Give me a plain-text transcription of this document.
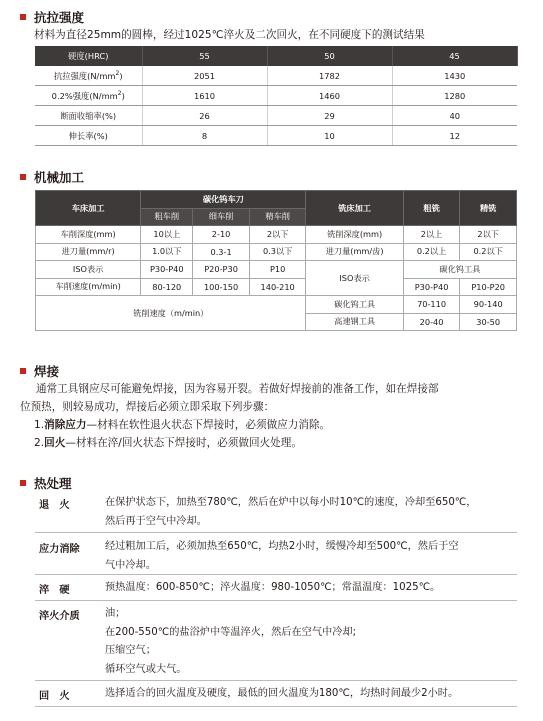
抗拉强度
材料为直径25mm的圆棒，经过1025℃淬火及二次回火，在不同硬度下的测试结果
硬度(HRC)	55	50	45
抗拉强度$(N/mm^2)$	2051	1782	1430
0.2%强度$(N/mm^2)$	1610	1460	1280
断面收缩率(%)	26	29	40
伸长率(%)	8	10	12
机械加工
车床加工	碳化钨车刀			铣床加工	粗铣	精铣
	粗车削	细车削	精车削			
车削深度(mm)	10以上	2-10	2以下	铣削深度(mm)	2以上	2以下
进刀量(mm/r)	1.0以下	0.3-1	0.3以下	进刀量(mm/齿)	0.2以上	0.2以下
ISO表示	P30-P40	P20-P30	P10	ISO表示	碳化钨工具	
车削速度(m/min)	80-120	100-150	140-210		P30-P40	P10-P20
铣削速度（m/min）				碳化钨工具	70-110	90-140
				高速钢工具	20-40	30-50
焊接
通常工具钢应尽可能避免焊接，因为容易开裂。若做好焊接前的准备工作，如在焊接部
位预热，则较易成功，焊接后必须立即采取下列步骤：
1.消除应力—材料在软性退火状态下焊接时，必须做应力消除。
2.回火—材料在淬/回火状态下焊接时，必须做回火处理。
热处理
退　火	在保护状态下，加热至780℃，然后在炉中以每小时10℃的速度，冷却至650℃，
然后再于空气中冷却。
应力消除 经过粗加工后，必须加热至650℃，均热2小时，缓慢冷却至500℃，然后于空
气中冷却。
淬　硬	预热温度：600-850℃；淬火温度：980-1050℃；常温温度：1025℃。
淬火介质 油；
在200-550℃的盐浴炉中等温淬火，然后在空气中冷却;
压缩空气；
循环空气或大气。
回　火	选择适合的回火温度及硬度，最低的回火温度为180℃，均热时间最少2小时。
